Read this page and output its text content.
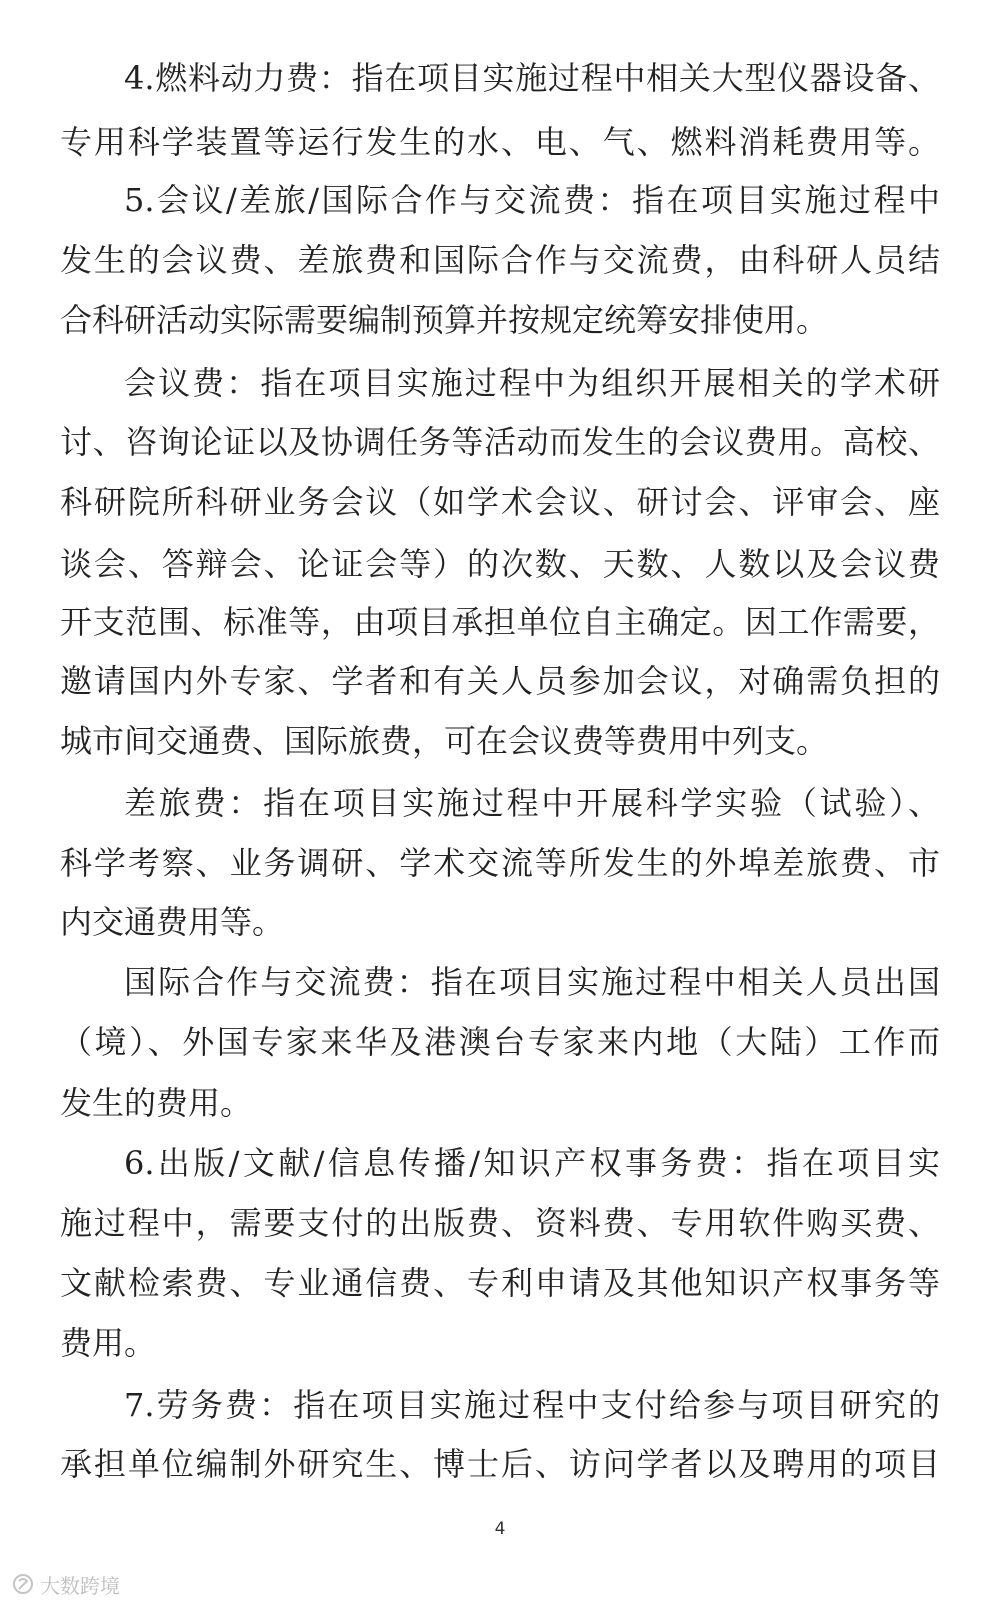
4.燃料动力费：指在项目实施过程中相关大型仪器设备、
专用科学装置等运行发生的水、电、气、燃料消耗费用等。
5.会议/差旅/国际合作与交流费：指在项目实施过程中
发生的会议费、差旅费和国际合作与交流费，由科研人员结
合科研活动实际需要编制预算并按规定统筹安排使用。
会议费：指在项目实施过程中为组织开展相关的学术研
讨、咨询论证以及协调任务等活动而发生的会议费用。高校、
科研院所科研业务会议（如学术会议、研讨会、评审会、座
谈会、答辩会、论证会等）的次数、天数、人数以及会议费
开支范围、标准等，由项目承担单位自主确定。因工作需要，
邀请国内外专家、学者和有关人员参加会议，对确需负担的
城市间交通费、国际旅费，可在会议费等费用中列支。
差旅费：指在项目实施过程中开展科学实验（试验）、
科学考察、业务调研、学术交流等所发生的外埠差旅费、市
内交通费用等。
国际合作与交流费：指在项目实施过程中相关人员出国
（境）、外国专家来华及港澳台专家来内地（大陆）工作而
发生的费用。
6.出版/文献/信息传播/知识产权事务费：指在项目实
施过程中，需要支付的出版费、资料费、专用软件购买费、
文献检索费、专业通信费、专利申请及其他知识产权事务等
费用。
7.劳务费：指在项目实施过程中支付给参与项目研究的
承担单位编制外研究生、博士后、访问学者以及聘用的项目
4
大数跨境
